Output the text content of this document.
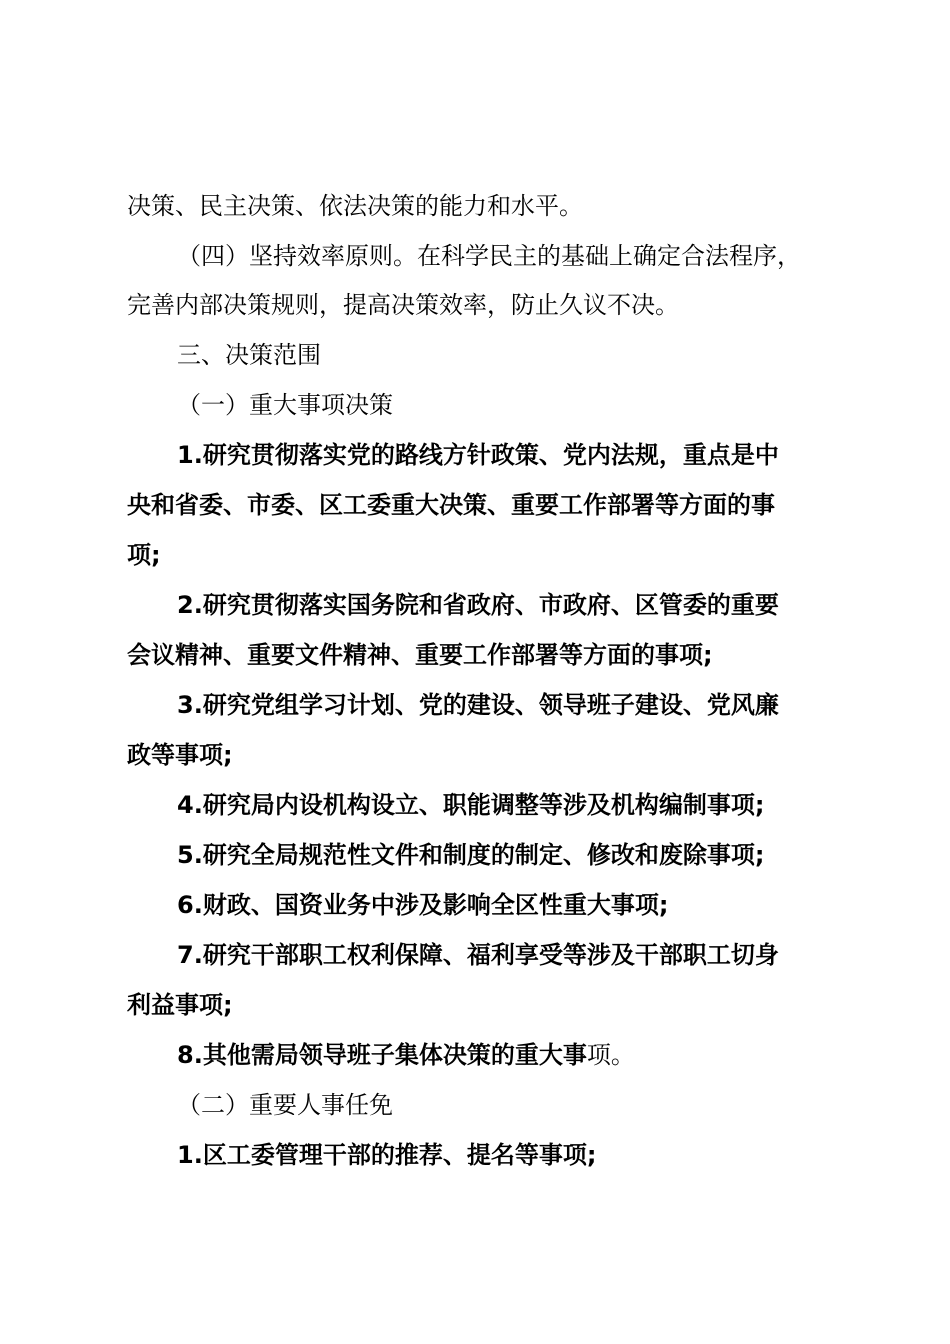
决策、民主决策、依法决策的能力和水平。
（四）坚持效率原则。在科学民主的基础上确定合法程序，
完善内部决策规则，提高决策效率，防止久议不决。
三、决策范围
（一）重大事项决策
1.研究贯彻落实党的路线方针政策、党内法规，重点是中
央和省委、市委、区工委重大决策、重要工作部署等方面的事
项;
2.研究贯彻落实国务院和省政府、市政府、区管委的重要
会议精神、重要文件精神、重要工作部署等方面的事项;
3.研究党组学习计划、党的建设、领导班子建设、党风廉
政等事项;
4.研究局内设机构设立、职能调整等涉及机构编制事项;
5.研究全局规范性文件和制度的制定、修改和废除事项;
6.财政、国资业务中涉及影响全区性重大事项;
7.研究干部职工权利保障、福利享受等涉及干部职工切身
利益事项;
8.其他需局领导班子集体决策的重大事项。
（二）重要人事任免
1.区工委管理干部的推荐、提名等事项;
